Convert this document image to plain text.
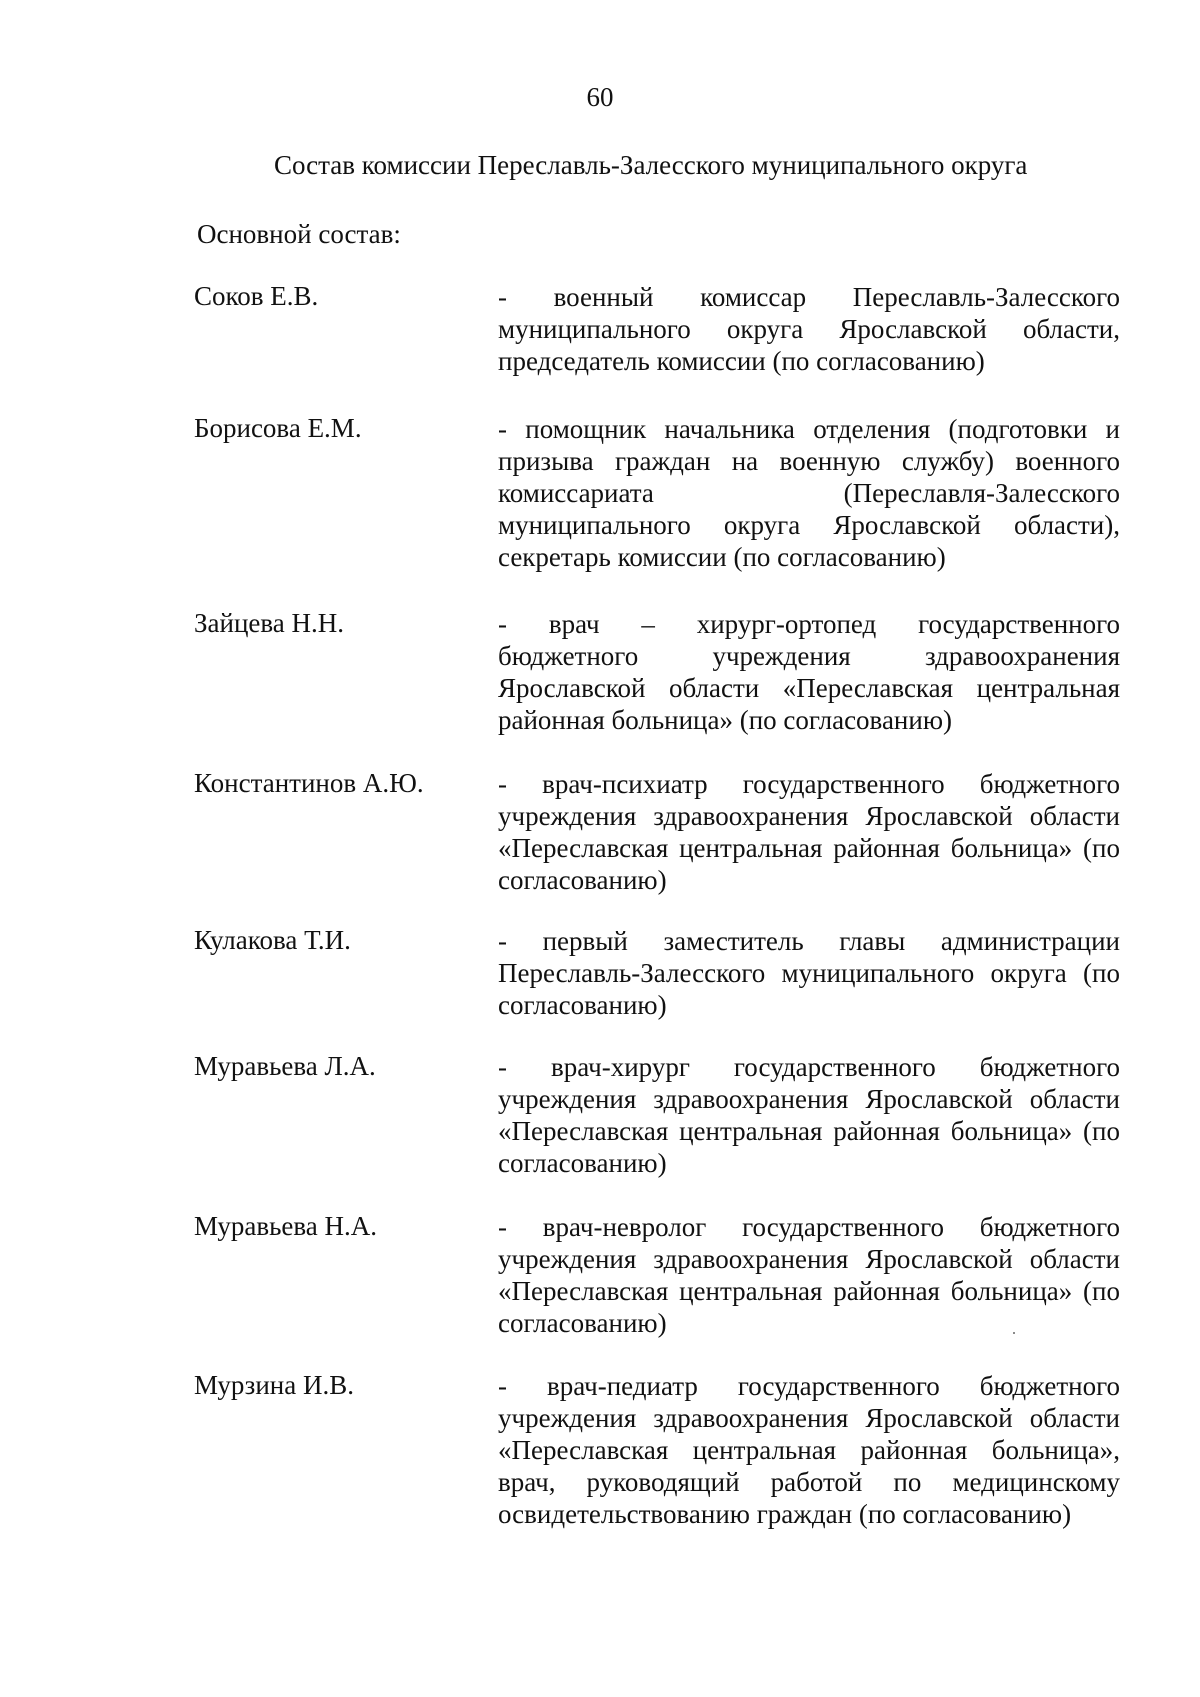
60
Состав комиссии Переславль-Залесского муниципального округа
Основной состав:
Соков Е.В.	- военный комиссар Переславль-Залесского муниципального округа Ярославской области, председатель комиссии (по согласованию)
Борисова Е.М.	- помощник начальника отделения (подготовки и призыва граждан на военную службу) военного комиссариата (Переславля-Залесского муниципального округа Ярославской области), секретарь комиссии (по согласованию)
Зайцева Н.Н.	- врач – хирург-ортопед государственного бюджетного учреждения здравоохранения Ярославской области «Переславская центральная районная больница» (по согласованию)
Константинов А.Ю.	- врач-психиатр государственного бюджетного учреждения здравоохранения Ярославской области «Переславская центральная районная больница» (по согласованию)
Кулакова Т.И.	- первый заместитель главы администрации Переславль-Залесского муниципального округа (по согласованию)
Муравьева Л.А.	- врач-хирург государственного бюджетного учреждения здравоохранения Ярославской области «Переславская центральная районная больница» (по согласованию)
Муравьева Н.А.	- врач-невролог государственного бюджетного учреждения здравоохранения Ярославской области «Переславская центральная районная больница» (по согласованию)
Мурзина И.В.	- врач-педиатр государственного бюджетного учреждения здравоохранения Ярославской области «Переславская центральная районная больница», врач, руководящий работой по медицинскому освидетельствованию граждан (по согласованию)
